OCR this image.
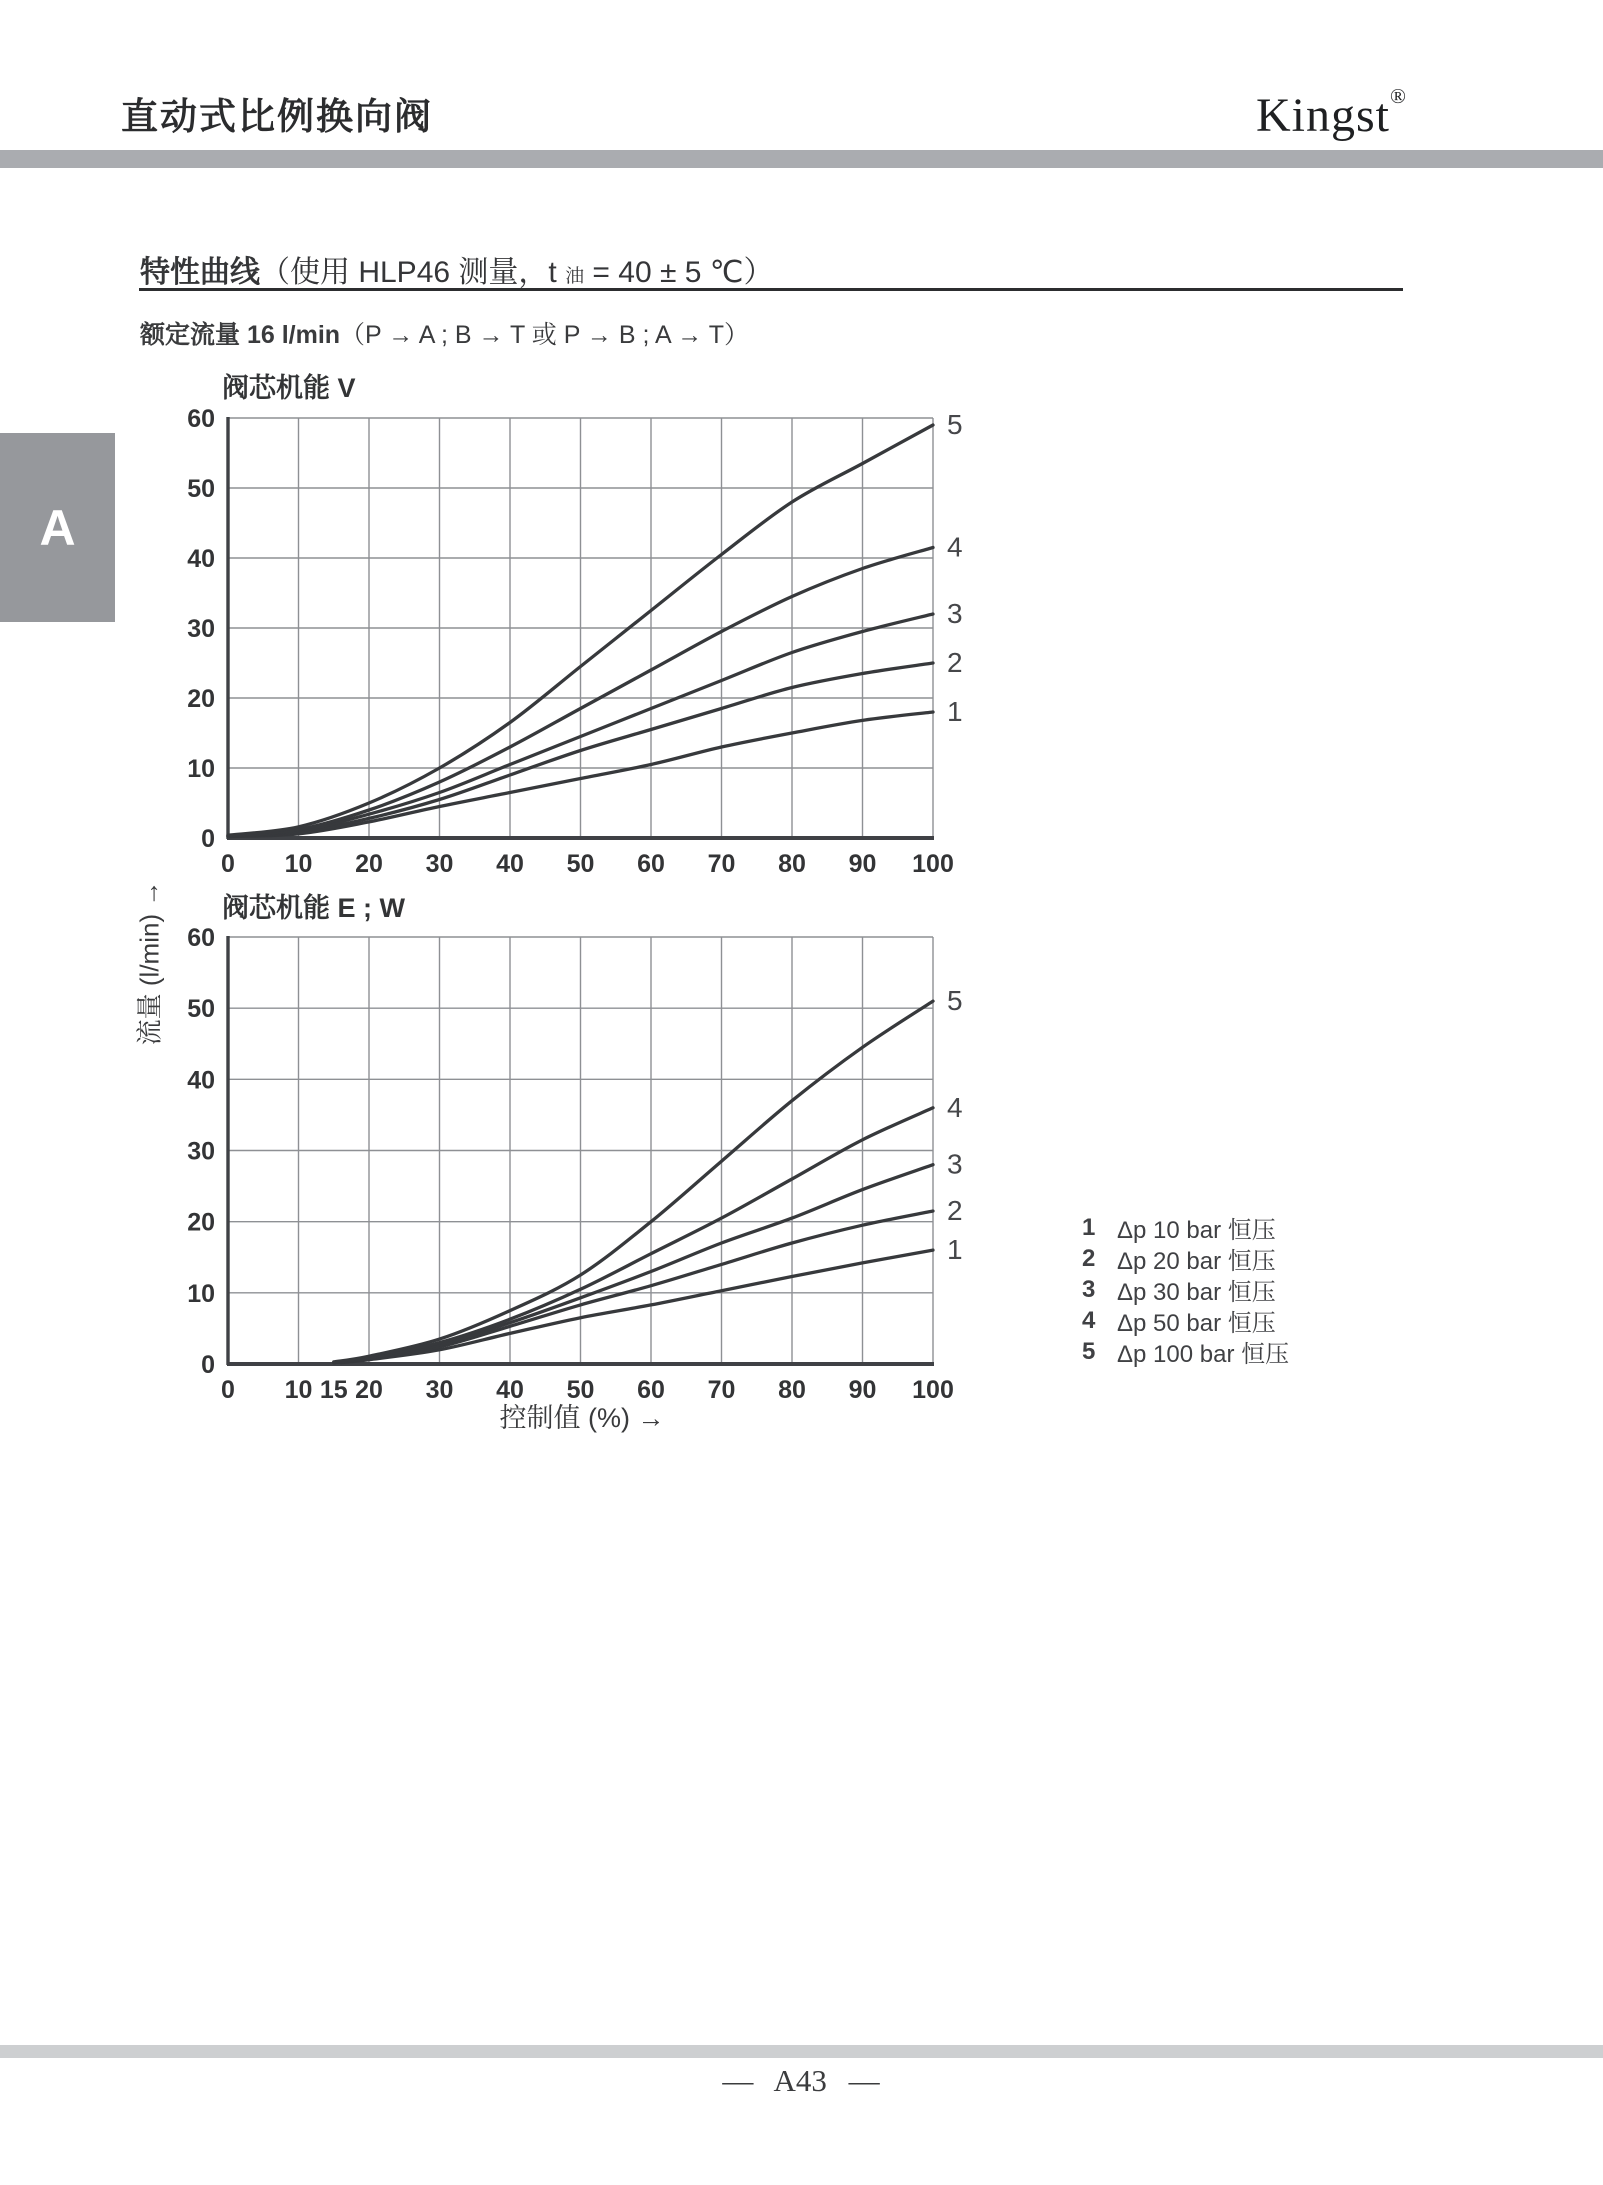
直动式比例换向阀	Kingst®
A
特性曲线（使用 HLP46 测量，t 油 = 40 ± 5 ℃）
额定流量 16 l/min（P → A ; B → T 或 P → B ; A → T）
阀芯机能 V
0
10
20
30
40
50
60
0 10 20 30 40 50 60 70 80 90 100
1
2
3
4
5
阀芯机能 E ; W
0
10
20
30
40
50
60
0 10 15 20 30 40 50 60 70 80 90 100
1
2
3
4
5
流量 (l/min) →
控制值 (%) →
1 Δp 10 bar 恒压
2 Δp 20 bar 恒压
3 Δp 30 bar 恒压
4 Δp 50 bar 恒压
5 Δp 100 bar 恒压
— A43 —
